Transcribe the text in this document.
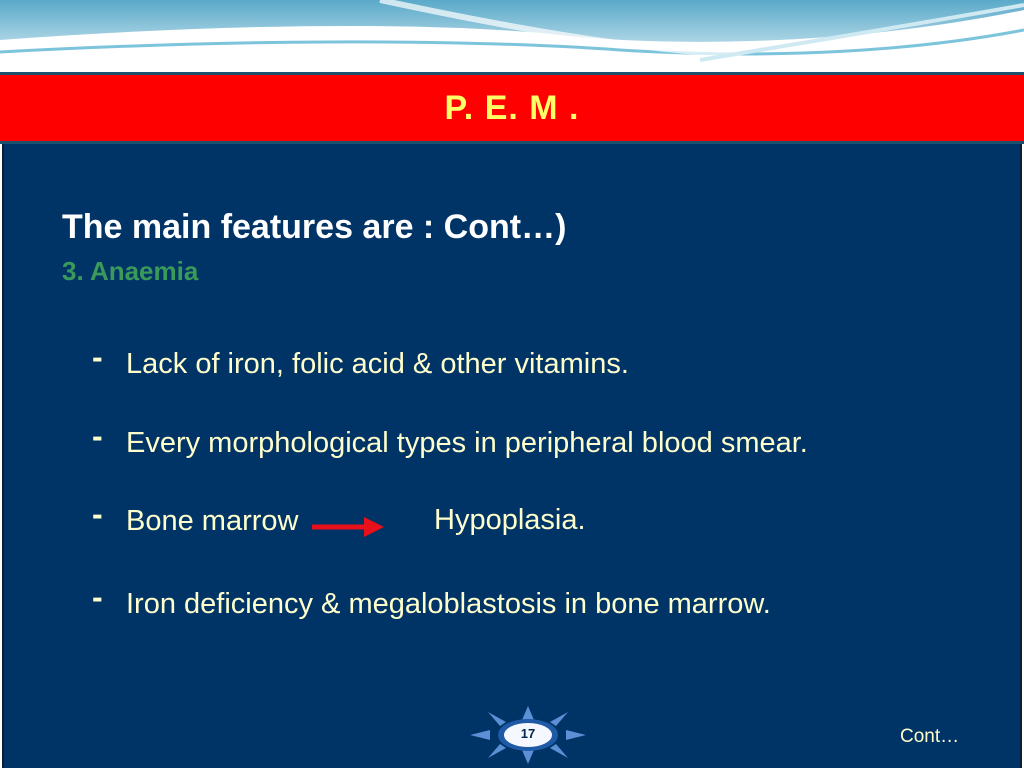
P. E. M .
The main features are : Cont…)
3. Anaemia
- Lack of iron, folic acid & other vitamins.
- Every morphological types in peripheral blood smear.
- Bone marrow	Hypoplasia.
- Iron deficiency & megaloblastosis in bone marrow.
17	Cont…
